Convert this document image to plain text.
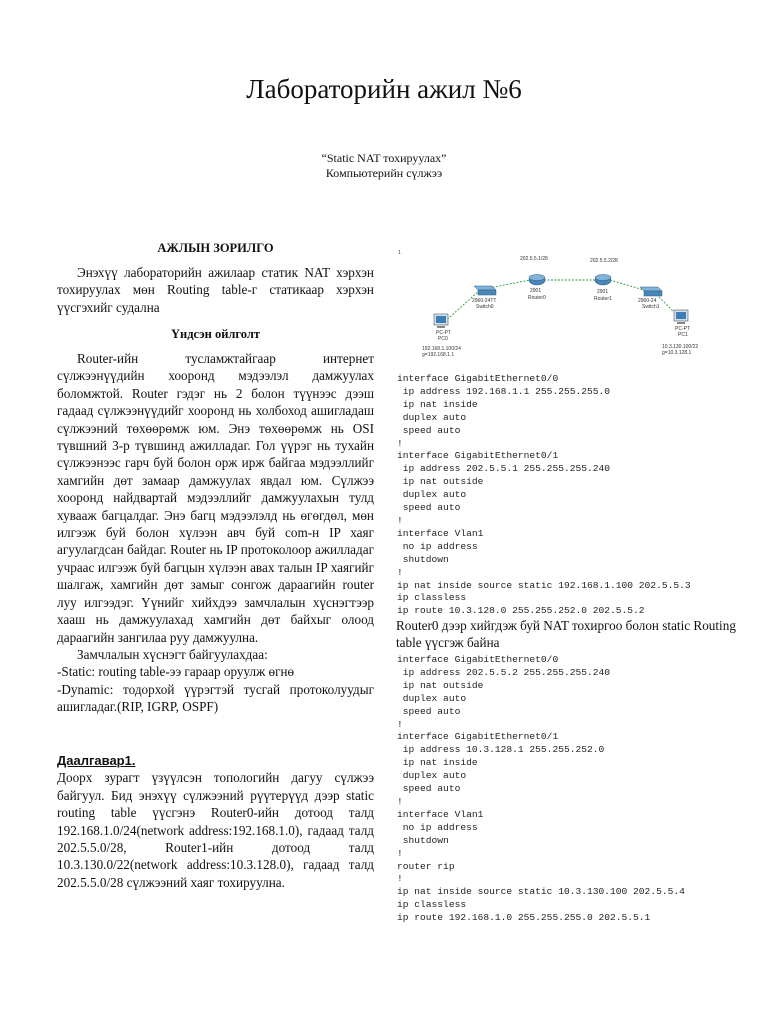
Лабораторийн ажил №6
“Static NAT тохируулах”
Компьютерийн сүлжээ

АЖЛЫН ЗОРИЛГО

Энэхүү лабораторийн ажилаар статик NAT хэрхэн тохируулах мөн Routing table-г статикаар хэрхэн үүсгэхийг судална

Үндсэн ойлголт

Router-ийн тусламжтайгаар интернет сүлжээнүүдийн хооронд мэдээлэл дамжуулах боломжтой. Router гэдэг нь 2 болон түүнээс дээш гадаад сүлжээнүүдийг хооронд нь холбоход ашигладаш сүлжээний төхөөрөмж юм. Энэ төхөөрөмж нь OSI түвшний 3-р түвшинд ажилладаг. Гол үүрэг нь тухайн сүлжээнээс гарч буй болон орж ирж байгаа мэдээллийг хамгийн дөт замаар дамжуулах явдал юм. Сүлжээ хооронд найдвартай мэдээллийг дамжуулахын тулд хувааж багцалдаг. Энэ багц мэдээлэлд нь өгөгдөл, мөн илгээж буй болон хүлээн авч буй com-н IP хаяг агуулагдсан байдаг. Router нь IP протоколоор ажилладаг учраас илгээж буй багцын хүлээн авах талын IP хаягийг шалгаж, хамгийн дөт замыг сонгож дараагийн router луу илгээдэг. Үүнийг хийхдээ замчлалын хүснэгтээр хааш нь дамжуулахад хамгийн дөт байхыг олоод дараагийн зангилаа руу дамжуулна.

Замчлалын хүснэгт байгуулахдаа:

-Static: routing table-ээ гараар оруулж өгнө

-Dynamic: тодорхой үүрэгтэй тусгай протоколуудыг ашигладаг.(RIP, IGRP, OSPF)

Даалгавар1.

Доорх зурагт үзүүлсэн топологийн дагуу сүлжээ байгуул. Бид энэхүү сүлжээний рүүтерүүд дээр static routing table үүсгэнэ Router0-ийн дотоод талд 192.168.1.0/24(network address:192.168.1.0), гадаад талд 202.5.5.0/28, Router1-ийн дотоод талд 10.3.130.0/22(network address:10.3.128.0), гадаад талд 202.5.5.0/28 сүлжээний хаяг тохируулна.

1
202.5.5.1/28	202.5.5.2/28
2901
Router0
2901
Router1
2960-24TT
Switch0
2960-24
Switch1
PC-PT
PC0
192.168.1.100/24
g=192.168.1.1
PC-PT
PC1
10.3.130.100/22
g=10.3.128.1
interface GigabitEthernet0/0
ip address 192.168.1.1 255.255.255.0
ip nat inside
duplex auto
speed auto
!
interface GigabitEthernet0/1
ip address 202.5.5.1 255.255.255.240
ip nat outside
duplex auto
speed auto
!
interface Vlan1
no ip address
shutdown
!
ip nat inside source static 192.168.1.100 202.5.5.3
ip classless
ip route 10.3.128.0 255.255.252.0 202.5.5.2
Router0 дээр хийгдэж буй NAT тохиргоо болон static Routing table үүсгэж байна
interface GigabitEthernet0/0
ip address 202.5.5.2 255.255.255.240
ip nat outside
duplex auto
speed auto
!
interface GigabitEthernet0/1
ip address 10.3.128.1 255.255.252.0
ip nat inside
duplex auto
speed auto
!
interface Vlan1
no ip address
shutdown
!
router rip
!
ip nat inside source static 10.3.130.100 202.5.5.4
ip classless
ip route 192.168.1.0 255.255.255.0 202.5.5.1
